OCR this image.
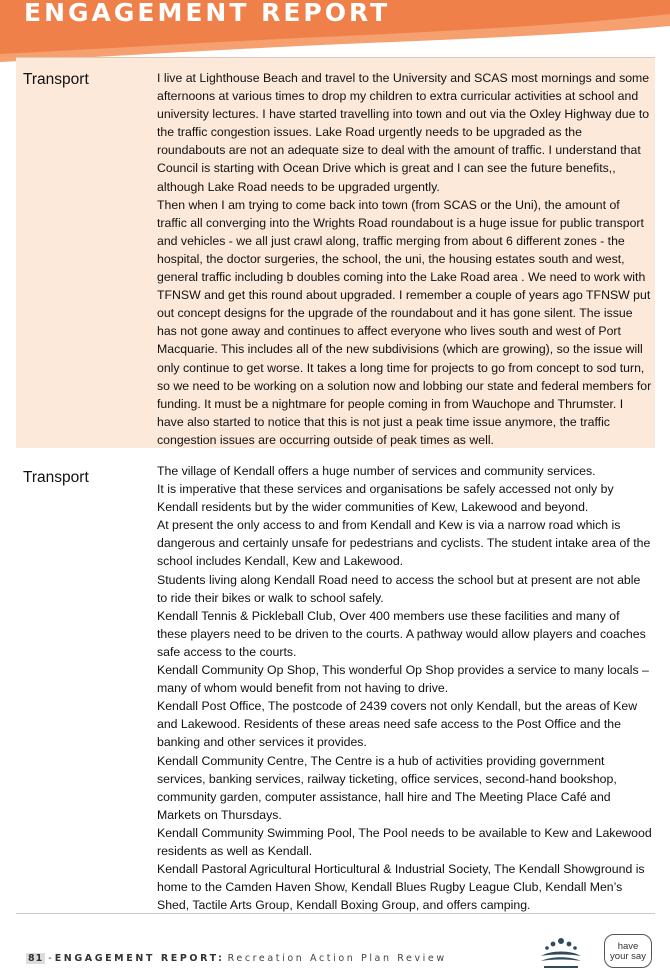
ENGAGEMENT REPORT
Transport	I live at Lighthouse Beach and travel to the University and SCAS most mornings and some afternoons at various times to drop my children to extra curricular activities at school and university lectures. I have started travelling into town and out via the Oxley Highway due to the traffic congestion issues. Lake Road urgently needs to be upgraded as the roundabouts are not an adequate size to deal with the amount of traffic. I understand that Council is starting with Ocean Drive which is great and I can see the future benefits,, although Lake Road needs to be upgraded urgently.

Then when I am trying to come back into town (from SCAS or the Uni), the amount of traffic all converging into the Wrights Road roundabout is a huge issue for public transport and vehicles - we all just crawl along, traffic merging from about 6 different zones - the hospital, the doctor surgeries, the school, the uni, the housing estates south and west, general traffic including b doubles coming into the Lake Road area . We need to work with TFNSW and get this round about upgraded. I remember a couple of years ago TFNSW put out concept designs for the upgrade of the roundabout and it has gone silent. The issue has not gone away and continues to affect everyone who lives south and west of Port Macquarie. This includes all of the new subdivisions (which are growing), so the issue will only continue to get worse. It takes a long time for projects to go from concept to sod turn, so we need to be working on a solution now and lobbing our state and federal members for funding. It must be a nightmare for people coming in from Wauchope and Thrumster. I have also started to notice that this is not just a peak time issue anymore, the traffic congestion issues are occurring outside of peak times as well.

Transport	The village of Kendall offers a huge number of services and community services.

It is imperative that these services and organisations be safely accessed not only by Kendall residents but by the wider communities of Kew, Lakewood and beyond.

At present the only access to and from Kendall and Kew is via a narrow road which is dangerous and certainly unsafe for pedestrians and cyclists. The student intake area of the school includes Kendall, Kew and Lakewood.

Students living along Kendall Road need to access the school but at present are not able to ride their bikes or walk to school safely.

Kendall Tennis & Pickleball Club, Over 400 members use these facilities and many of these players need to be driven to the courts. A pathway would allow players and coaches safe access to the courts.

Kendall Community Op Shop, This wonderful Op Shop provides a service to many locals – many of whom would benefit from not having to drive.

Kendall Post Office, The postcode of 2439 covers not only Kendall, but the areas of Kew and Lakewood. Residents of these areas need safe access to the Post Office and the banking and other services it provides.

Kendall Community Centre, The Centre is a hub of activities providing government services, banking services, railway ticketing, office services, second-hand bookshop, community garden, computer assistance, hall hire and The Meeting Place Café and Markets on Thursdays.

Kendall Community Swimming Pool, The Pool needs to be available to Kew and Lakewood residents as well as Kendall.

Kendall Pastoral Agricultural Horticultural & Industrial Society, The Kendall Showground is home to the Camden Haven Show, Kendall Blues Rugby League Club, Kendall Men’s Shed, Tactile Arts Group, Kendall Boxing Group, and offers camping.

81 - ENGAGEMENT REPORT: Recreation Action Plan Review
have
your say
